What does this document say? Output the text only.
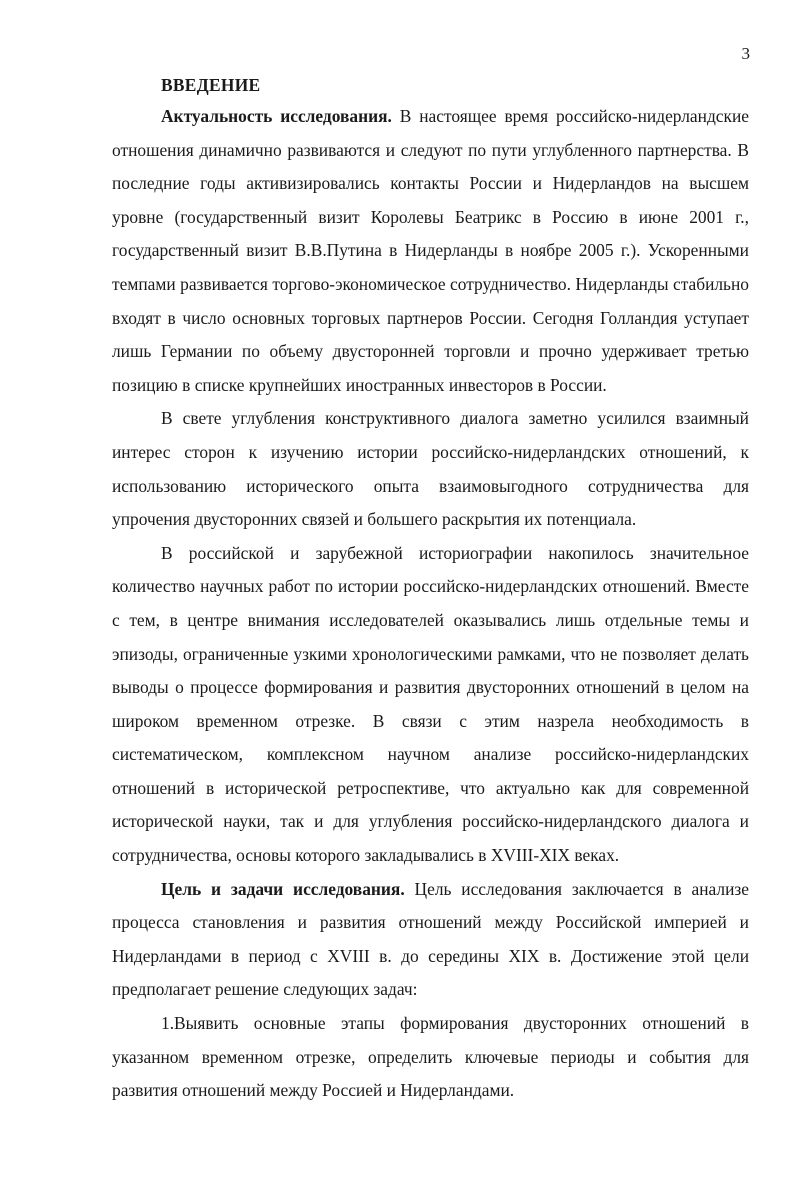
3
ВВЕДЕНИЕ

Актуальность исследования. В настоящее время российско-нидерландские отношения динамично развиваются и следуют по пути углубленного партнерства. В последние годы активизировались контакты России и Нидерландов на высшем уровне (государственный визит Королевы Беатрикс в Россию в июне 2001 г., государственный визит В.В.Путина в Нидерланды в ноябре 2005 г.). Ускоренными темпами развивается торгово-экономическое сотрудничество. Нидерланды стабильно входят в число основных торговых партнеров России. Сегодня Голландия уступает лишь Германии по объему двусторонней торговли и прочно удерживает третью позицию в списке крупнейших иностранных инвесторов в России.

В свете углубления конструктивного диалога заметно усилился взаимный интерес сторон к изучению истории российско-нидерландских отношений, к использованию исторического опыта взаимовыгодного сотрудничества для упрочения двусторонних связей и большего раскрытия их потенциала.

В российской и зарубежной историографии накопилось значительное количество научных работ по истории российско-нидерландских отношений. Вместе с тем, в центре внимания исследователей оказывались лишь отдельные темы и эпизоды, ограниченные узкими хронологическими рамками, что не позволяет делать выводы о процессе формирования и развития двусторонних отношений в целом на широком временном отрезке. В связи с этим назрела необходимость в систематическом, комплексном научном анализе российско-нидерландских отношений в исторической ретроспективе, что актуально как для современной исторической науки, так и для углубления российско-нидерландского диалога и сотрудничества, основы которого закладывались в XVIII-XIX веках.

Цель и задачи исследования. Цель исследования заключается в анализе процесса становления и развития отношений между Российской империей и Нидерландами в период с XVIII в. до середины XIX в. Достижение этой цели предполагает решение следующих задач:

1.Выявить основные этапы формирования двусторонних отношений в указанном временном отрезке, определить ключевые периоды и события для развития отношений между Россией и Нидерландами.
